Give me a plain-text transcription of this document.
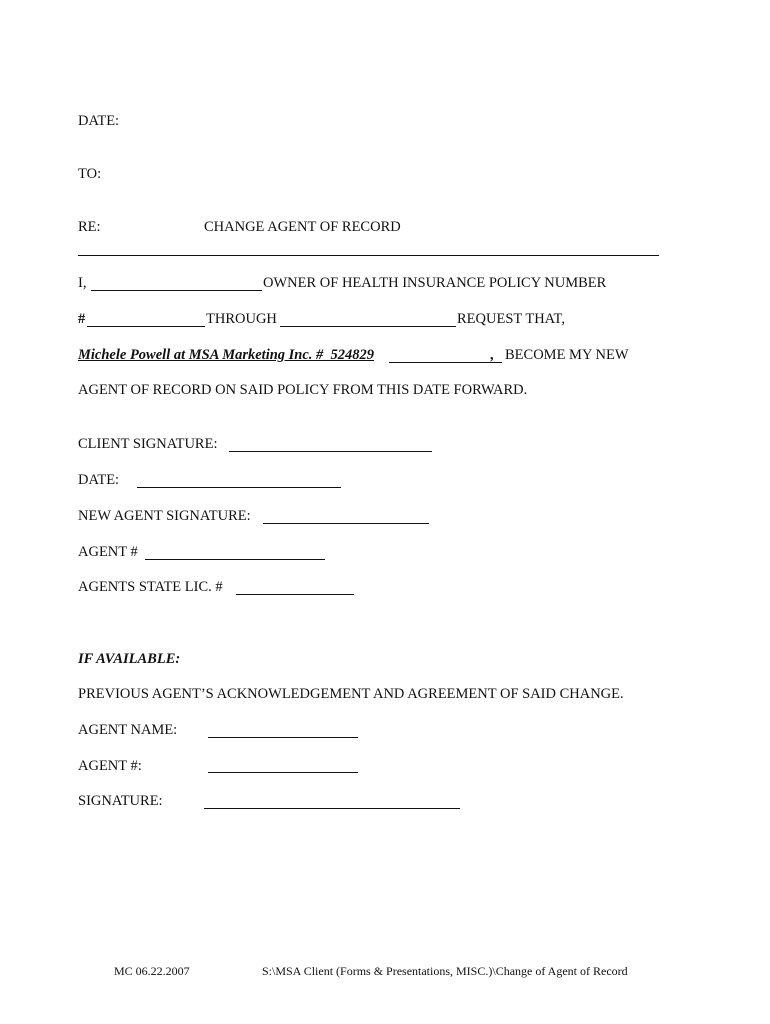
DATE:
TO:
RE:	CHANGE AGENT OF RECORD
I,	OWNER OF HEALTH INSURANCE POLICY NUMBER
#	THROUGH	REQUEST THAT,
Michele Powell at MSA Marketing Inc. #_524829	, BECOME MY NEW
AGENT OF RECORD ON SAID POLICY FROM THIS DATE FORWARD.
CLIENT SIGNATURE:
DATE:
NEW AGENT SIGNATURE:
AGENT #
AGENTS STATE LIC. #
IF AVAILABLE:
PREVIOUS AGENT’S ACKNOWLEDGEMENT AND AGREEMENT OF SAID CHANGE.
AGENT NAME:
AGENT #:
SIGNATURE:
MC 06.22.2007	S:\MSA Client (Forms & Presentations, MISC.)\Change of Agent of Record
